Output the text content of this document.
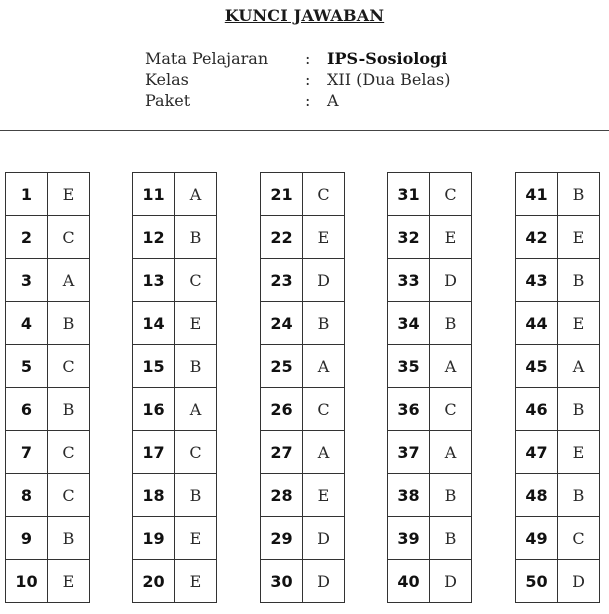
KUNCI JAWABAN
Mata Pelajaran	:	IPS-Sosiologi
Kelas	:	XII (Dua Belas)
Paket	:	A
1	E
2	C
3	A
4	B
5	C
6	B
7	C
8	C
9	B
10	E
11	A
12	B
13	C
14	E
15	B
16	A
17	C
18	B
19	E
20	E
21	C
22	E
23	D
24	B
25	A
26	C
27	A
28	E
29	D
30	D
31	C
32	E
33	D
34	B
35	A
36	C
37	A
38	B
39	B
40	D
41	B
42	E
43	B
44	E
45	A
46	B
47	E
48	B
49	C
50	D
